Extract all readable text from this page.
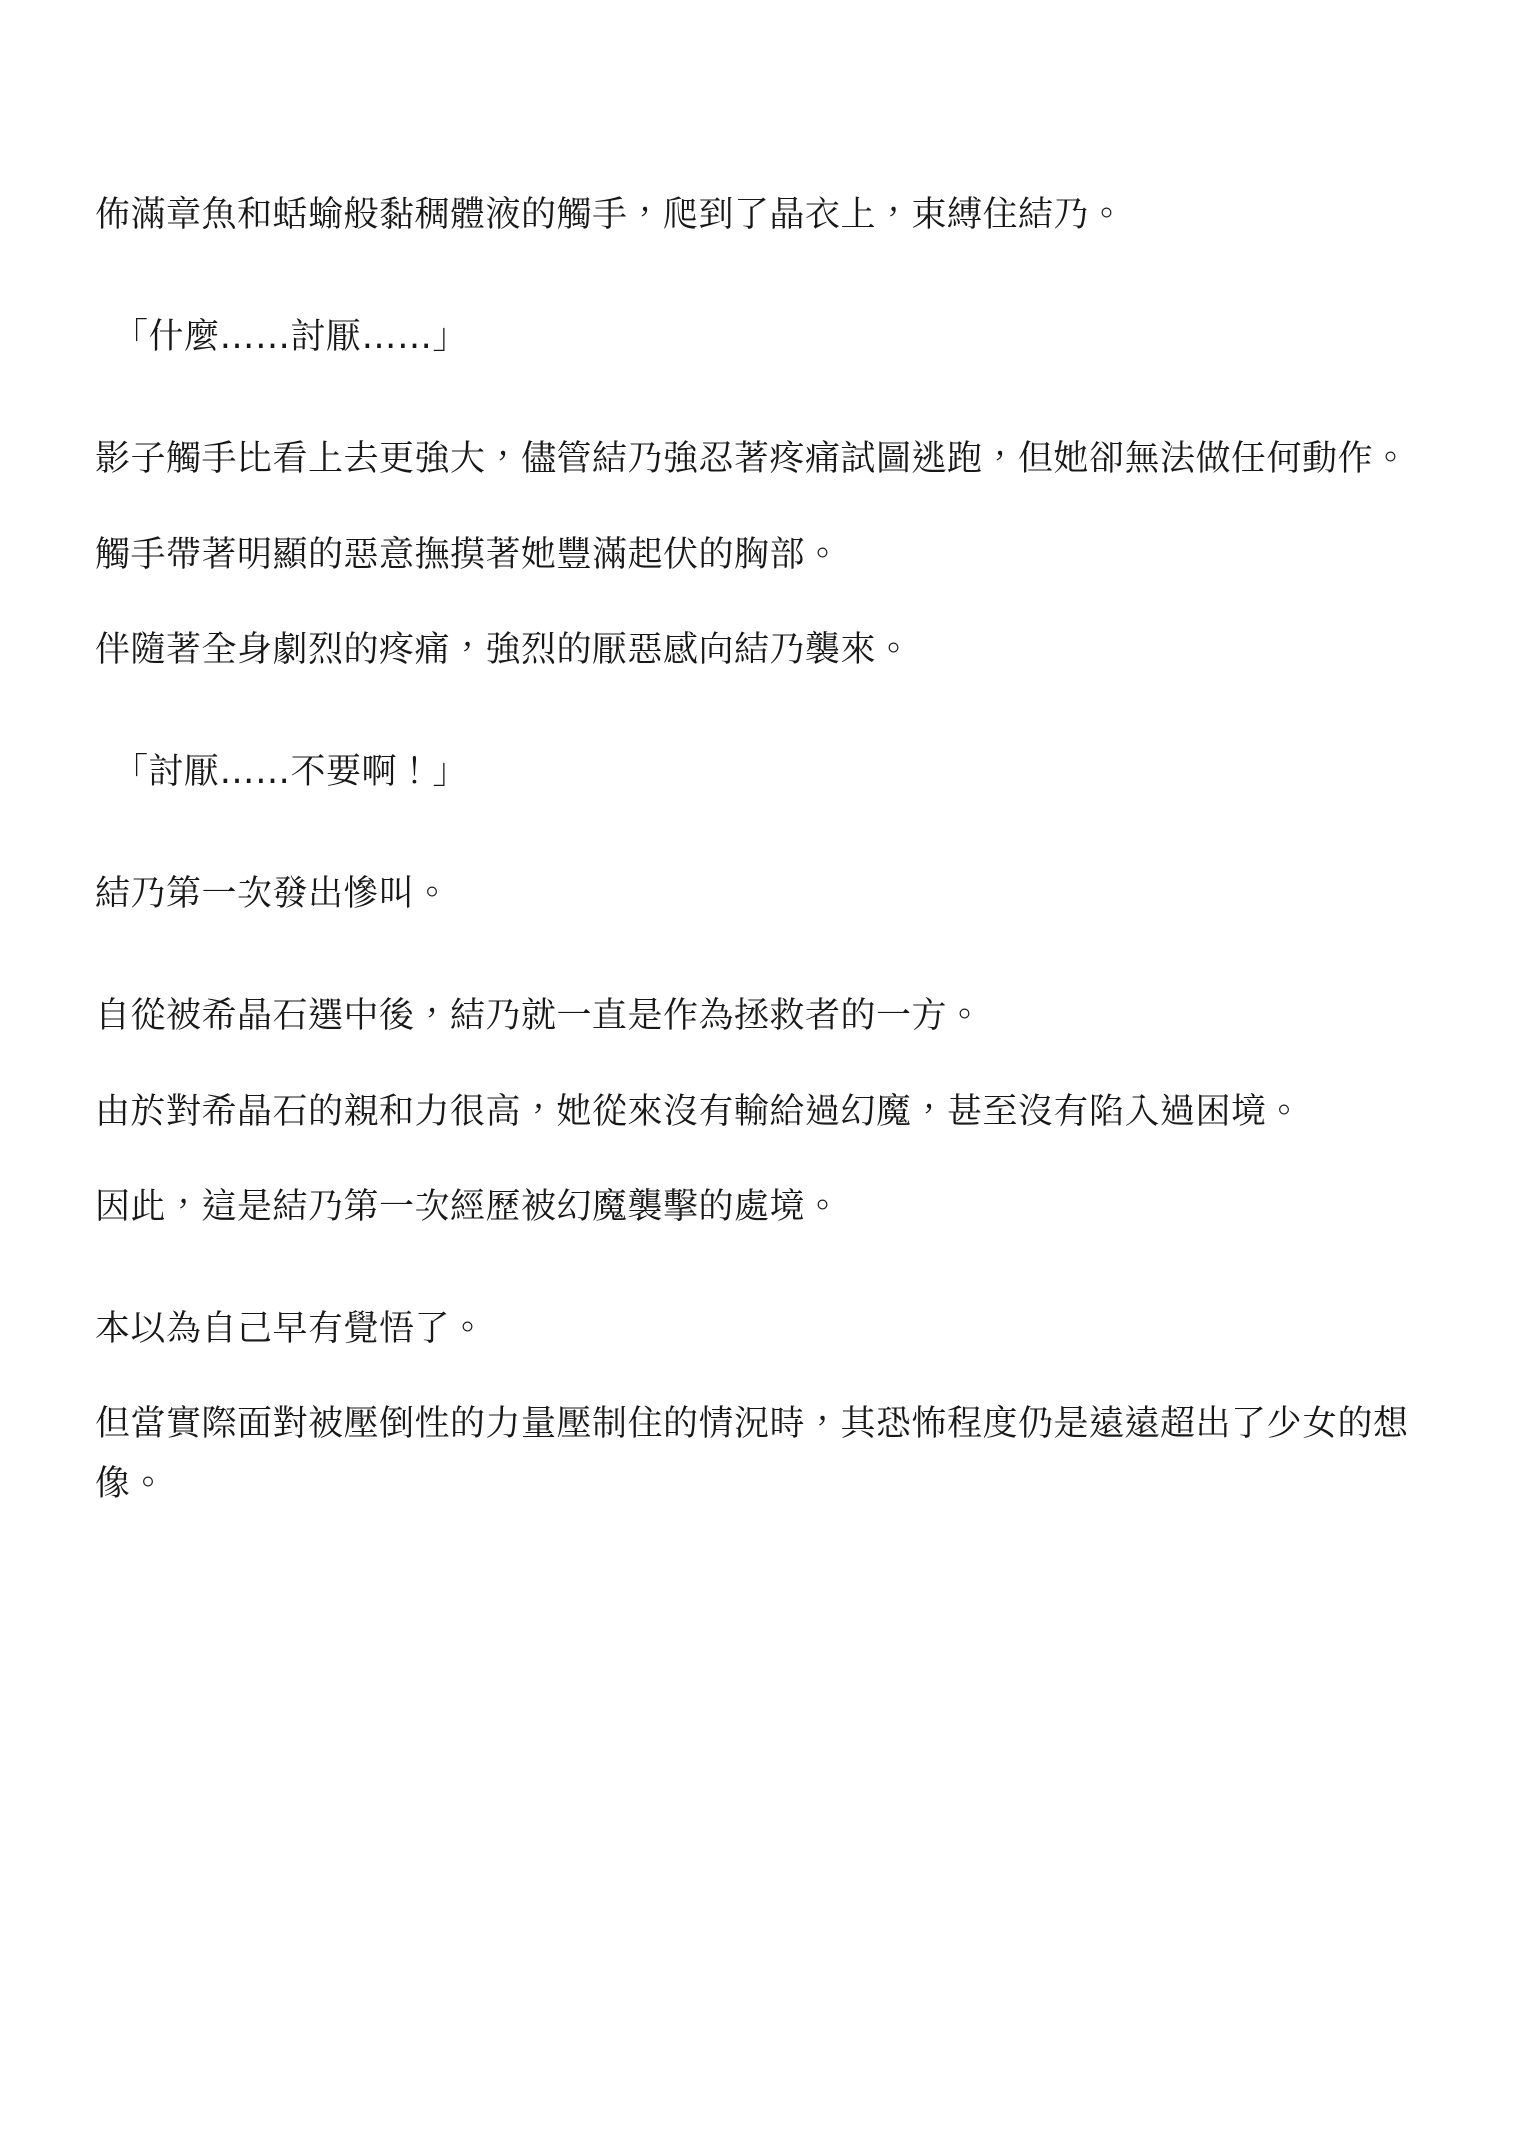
佈滿章魚和蛞蝓般黏稠體液的觸手，爬到了晶衣上，束縛住結乃。

「什麼……討厭……」

影子觸手比看上去更強大，儘管結乃強忍著疼痛試圖逃跑，但她卻無法做任何動作。

觸手帶著明顯的惡意撫摸著她豐滿起伏的胸部。

伴隨著全身劇烈的疼痛，強烈的厭惡感向結乃襲來。

「討厭……不要啊！」

結乃第一次發出慘叫。

自從被希晶石選中後，結乃就一直是作為拯救者的一方。

由於對希晶石的親和力很高，她從來沒有輸給過幻魔，甚至沒有陷入過困境。

因此，這是結乃第一次經歷被幻魔襲擊的處境。

本以為自己早有覺悟了。

但當實際面對被壓倒性的力量壓制住的情況時，其恐怖程度仍是遠遠超出了少女的想像。
